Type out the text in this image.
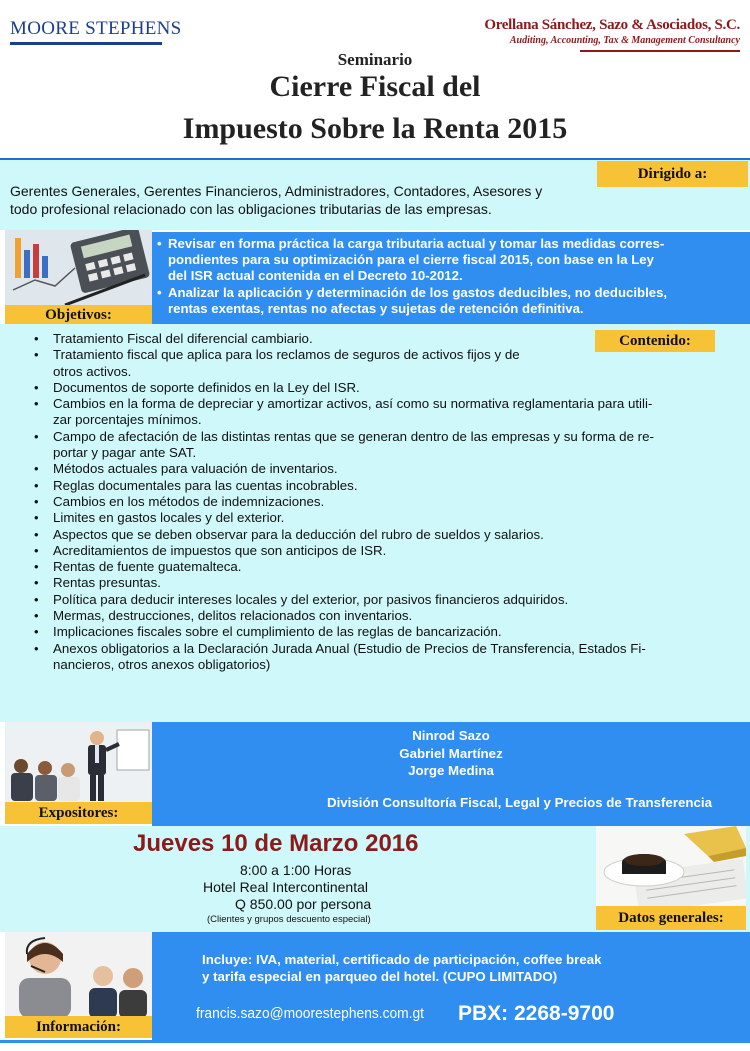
MOORE STEPHENS	Orellana Sánchez, Sazo & Asociados, S.C.
Auditing, Accounting, Tax & Management Consultancy
Seminario
Cierre Fiscal del
Impuesto Sobre la Renta 2015
Dirigido a:
Gerentes Generales, Gerentes Financieros, Administradores, Contadores, Asesores y
todo profesional relacionado con las obligaciones tributarias de las empresas.
Objetivos:
• Revisar en forma práctica la carga tributaria actual y tomar las medidas corres-
pondientes para su optimización para el cierre fiscal 2015, con base en la Ley
del ISR actual contenida en el Decreto 10-2012.
• Analizar la aplicación y determinación de los gastos deducibles, no deducibles,
rentas exentas, rentas no afectas y sujetas de retención definitiva.
• Tratamiento Fiscal del diferencial cambiario.
• Tratamiento fiscal que aplica para los reclamos de seguros de activos fijos y de
otros activos.
• Documentos de soporte definidos en la Ley del ISR.
• Cambios en la forma de depreciar y amortizar activos, así como su normativa reglamentaria para utili-
zar porcentajes mínimos.
• Campo de afectación de las distintas rentas que se generan dentro de las empresas y su forma de re-
portar y pagar ante SAT.
• Métodos actuales para valuación de inventarios.
• Reglas documentales para las cuentas incobrables.
• Cambios en los métodos de indemnizaciones.
• Limites en gastos locales y del exterior.
• Aspectos que se deben observar para la deducción del rubro de sueldos y salarios.
• Acreditamientos de impuestos que son anticipos de ISR.
• Rentas de fuente guatemalteca.
• Rentas presuntas.
• Política para deducir intereses locales y del exterior, por pasivos financieros adquiridos.
• Mermas, destrucciones, delitos relacionados con inventarios.
• Implicaciones fiscales sobre el cumplimiento de las reglas de bancarización.
• Anexos obligatorios a la Declaración Jurada Anual (Estudio de Precios de Transferencia, Estados Fi-
nancieros, otros anexos obligatorios)
Contenido:
Expositores:
Ninrod Sazo
Gabriel Martínez
Jorge Medina
División Consultoría Fiscal, Legal y Precios de Transferencia
Jueves 10 de Marzo 2016
8:00 a 1:00 Horas
Hotel Real Intercontinental
Q 850.00 por persona
(Clientes y grupos descuento especial)	Datos generales:
Información:
Incluye: IVA, material, certificado de participación, coffee break
y tarifa especial en parqueo del hotel. (CUPO LIMITADO)
francis.sazo@moorestephens.com.gt PBX: 2268-9700
